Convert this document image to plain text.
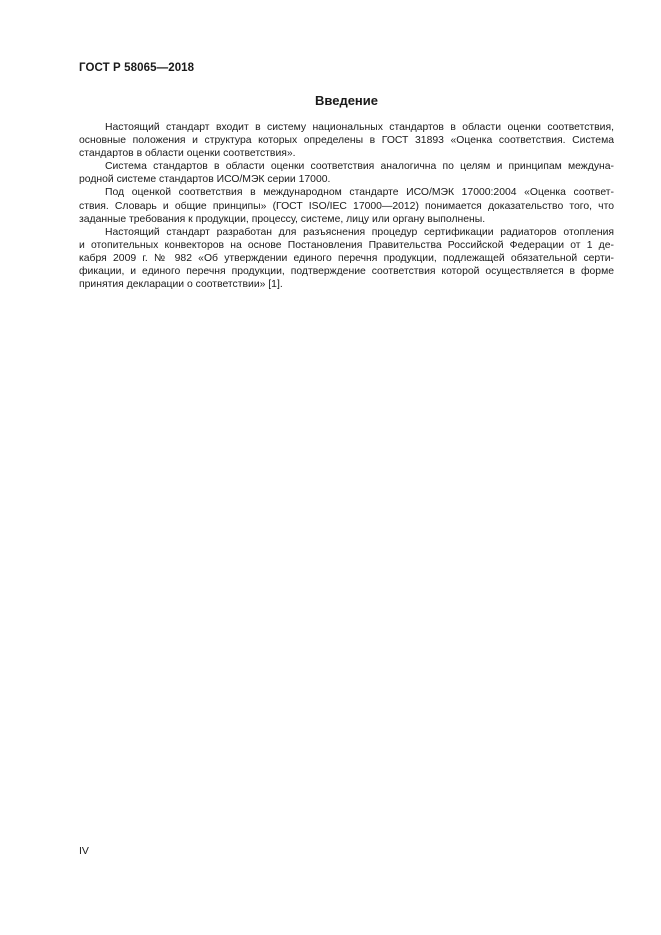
ГОСТ Р 58065—2018
Введение
Настоящий стандарт входит в систему национальных стандартов в области оценки соответствия,
основные положения и структура которых определены в ГОСТ 31893 «Оценка соответствия. Система
стандартов в области оценки соответствия».
Система стандартов в области оценки соответствия аналогична по целям и принципам междуна-
родной системе стандартов ИСО/МЭК серии 17000.
Под оценкой соответствия в международном стандарте ИСО/МЭК 17000:2004 «Оценка соответ-
ствия. Словарь и общие принципы» (ГОСТ ISO/IEC 17000—2012) понимается доказательство того, что
заданные требования к продукции, процессу, системе, лицу или органу выполнены.
Настоящий стандарт разработан для разъяснения процедур сертификации радиаторов отопления
и отопительных конвекторов на основе Постановления Правительства Российской Федерации от 1 де-
кабря 2009 г. № 982 «Об утверждении единого перечня продукции, подлежащей обязательной серти-
фикации, и единого перечня продукции, подтверждение соответствия которой осуществляется в форме
принятия декларации о соответствии» [1].
IV
